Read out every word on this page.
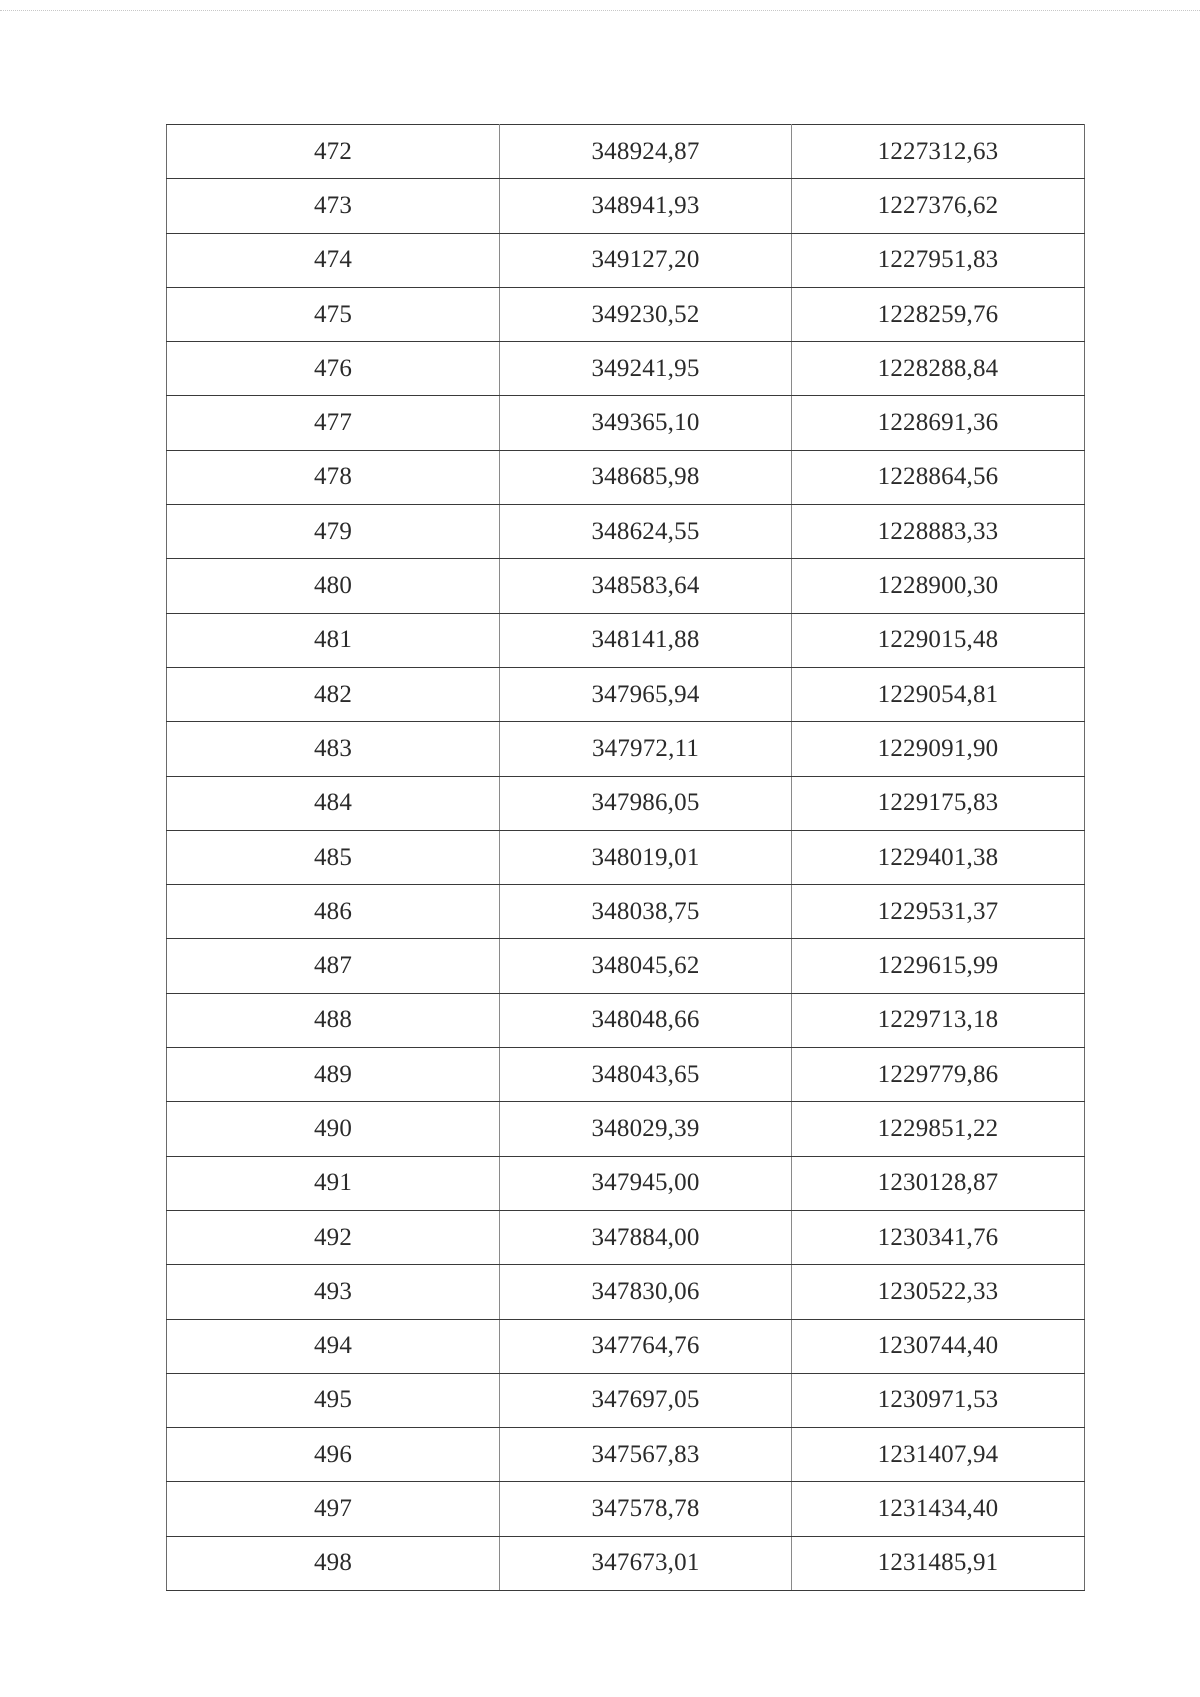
472	348924,87	1227312,63
473	348941,93	1227376,62
474	349127,20	1227951,83
475	349230,52	1228259,76
476	349241,95	1228288,84
477	349365,10	1228691,36
478	348685,98	1228864,56
479	348624,55	1228883,33
480	348583,64	1228900,30
481	348141,88	1229015,48
482	347965,94	1229054,81
483	347972,11	1229091,90
484	347986,05	1229175,83
485	348019,01	1229401,38
486	348038,75	1229531,37
487	348045,62	1229615,99
488	348048,66	1229713,18
489	348043,65	1229779,86
490	348029,39	1229851,22
491	347945,00	1230128,87
492	347884,00	1230341,76
493	347830,06	1230522,33
494	347764,76	1230744,40
495	347697,05	1230971,53
496	347567,83	1231407,94
497	347578,78	1231434,40
498	347673,01	1231485,91
